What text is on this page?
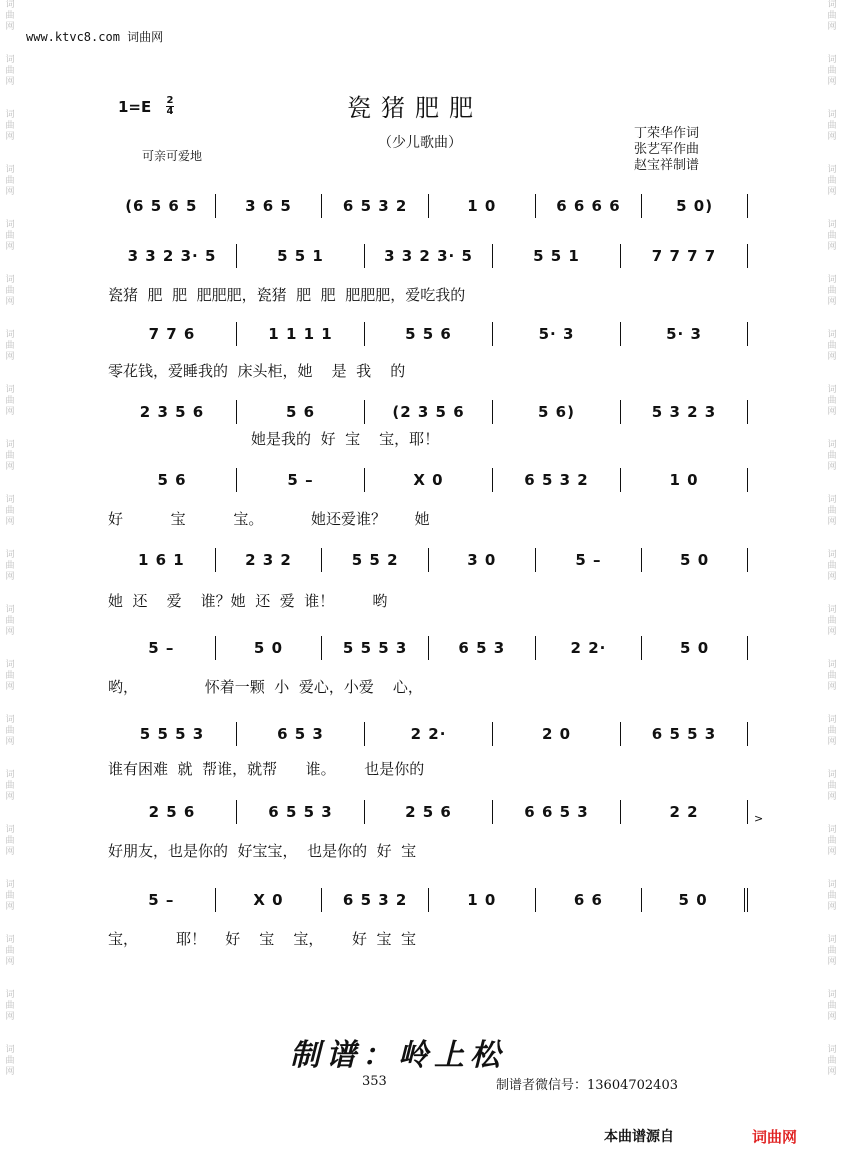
词
曲
网
词
曲
网
词
曲
网
词
曲
网
词
曲
网
词
曲
网
词
曲
网
词
曲
网
词
曲
网
词
曲
网
词
曲
网
词
曲
网
词
曲
网
词
曲
网
词
曲
网
词
曲
网
词
曲
网
词
曲
网
词
曲
网
词
曲
网
词
曲
网
词
曲
网
词
曲
网
词
曲
网
词
曲
网
词
曲
网
词
曲
网
词
曲
网
词
曲
网
词
曲
网
词
曲
网
词
曲
网
词
曲
网
词
曲
网
词
曲
网
词
曲
网
词
曲
网
词
曲
网
词
曲
网
词
曲
网
www.ktvc8.com 词曲网
1=E 2
4	瓷猪肥肥
（少儿歌曲）
可亲可爱地
丁荣华作词
张艺军作曲
赵宝祥制谱
(6 5 6 5	3 6 5	6 5 3 2	1 0	6 6 6 6	5 0)
3 3 2 3· 5	5 5 1	3 3 2 3· 5	5 5 1	7 7 7 7
瓷猪  肥  肥  肥肥肥，瓷猪  肥  肥  肥肥肥，爱吃我的
7 7 6	1 1 1 1	5 5 6	5· 3	5· 3
零花钱，爱睡我的  床头柜，她    是  我    的
2 3 5 6	5 6	(2 3 5 6	5 6)	5 3 2 3
她是我的  好  宝    宝，耶！
5 6	5 –	X 0	6 5 3 2	1 0
好          宝          宝。          她还爱谁？      她
1 6 1	2 3 2	5 5 2	3 0	5 –	5 0
她  还    爱    谁？她  还  爱  谁！        哟
5 –	5 0	5 5 5 3	6 5 3	2 2·	5 0
哟，              怀着一颗  小  爱心，小爱    心，
5 5 5 3	6 5 3	2 2·	2 0	6 5 5 3
谁有困难  就  帮谁，就帮      谁。      也是你的
2 5 6	6 5 5 3	2 5 6	6 6 5 3	2 2
好朋友，也是你的  好宝宝，  也是你的  好  宝
5 –	X 0	6 5 3 2	1 0	6 6	5 0
宝，        耶！    好    宝    宝，      好  宝  宝
>
制谱：岭上松
353	制谱者微信号：13604702403
本曲谱源自	词曲网
